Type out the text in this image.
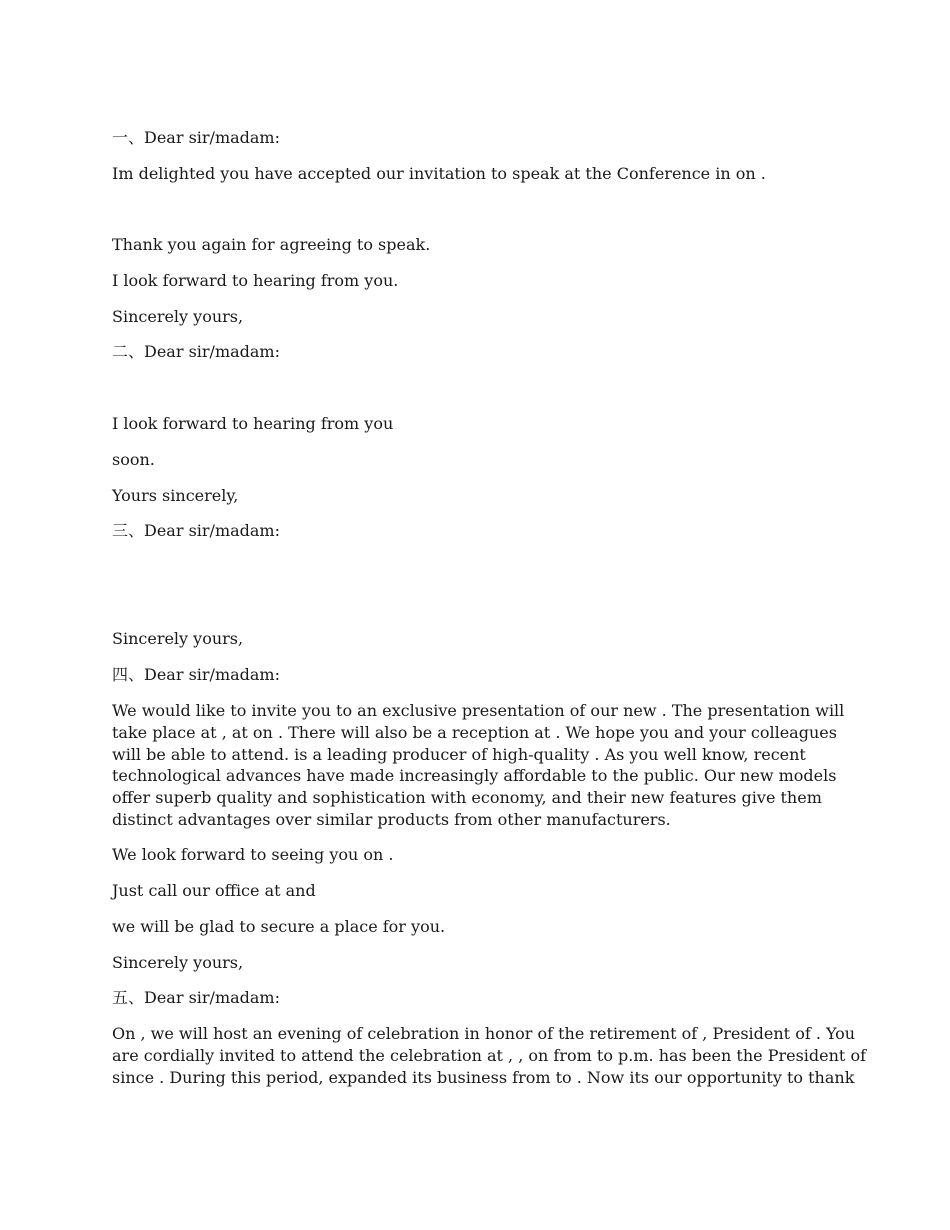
一、Dear sir/madam:

Im delighted you have accepted our invitation to speak at the Conference in on .

Thank you again for agreeing to speak.

I look forward to hearing from you.

Sincerely yours,

二、Dear sir/madam:

I look forward to hearing from you

soon.

Yours sincerely,

三、Dear sir/madam:

Sincerely yours,

四、Dear sir/madam:

We would like to invite you to an exclusive presentation of our new . The presentation will
take place at , at on . There will also be a reception at . We hope you and your colleagues
will be able to attend. is a leading producer of high-quality . As you well know, recent
technological advances have made increasingly affordable to the public. Our new models
offer superb quality and sophistication with economy, and their new features give them
distinct advantages over similar products from other manufacturers.

We look forward to seeing you on .

Just call our office at and

we will be glad to secure a place for you.

Sincerely yours,

五、Dear sir/madam:

On , we will host an evening of celebration in honor of the retirement of , President of . You
are cordially invited to attend the celebration at , , on from to p.m. has been the President of
since . During this period, expanded its business from to . Now its our opportunity to thank
